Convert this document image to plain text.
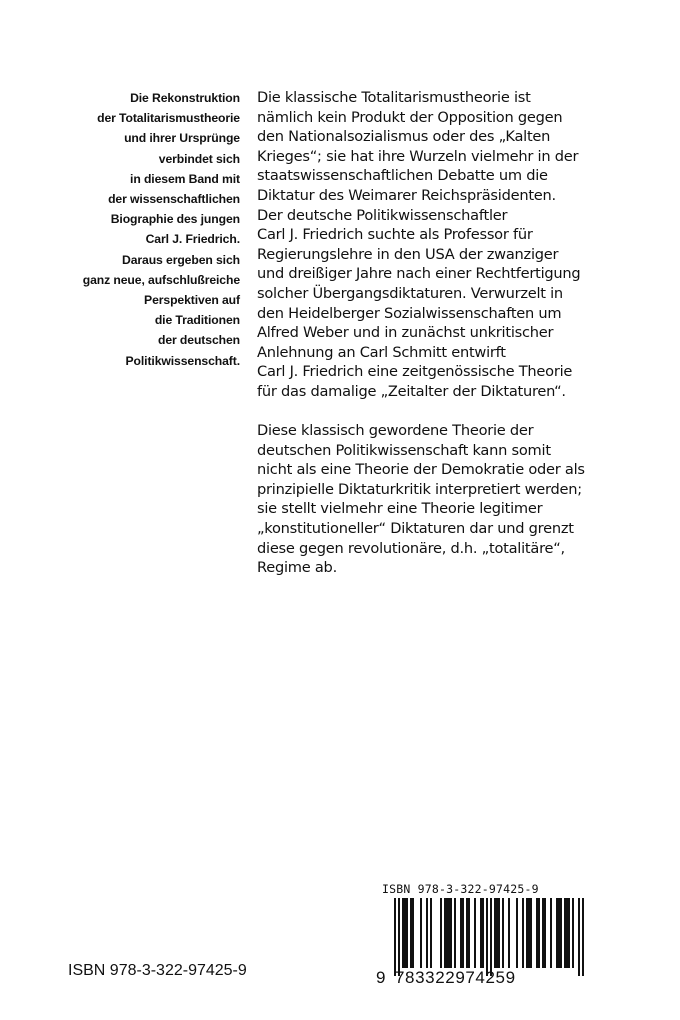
Die Rekonstruktion
der Totalitarismustheorie
und ihrer Ursprünge
verbindet sich
in diesem Band mit
der wissenschaftlichen
Biographie des jungen
Carl J. Friedrich.
Daraus ergeben sich
ganz neue, aufschlußreiche
Perspektiven auf
die Traditionen
der deutschen
Politikwissenschaft.
Die klassische Totalitarismustheorie ist
nämlich kein Produkt der Opposition gegen
den Nationalsozialismus oder des „Kalten
Krieges“; sie hat ihre Wurzeln vielmehr in der
staatswissenschaftlichen Debatte um die
Diktatur des Weimarer Reichspräsidenten.
Der deutsche Politikwissenschaftler
Carl J. Friedrich suchte als Professor für
Regierungslehre in den USA der zwanziger
und dreißiger Jahre nach einer Rechtfertigung
solcher Übergangsdiktaturen. Verwurzelt in
den Heidelberger Sozialwissenschaften um
Alfred Weber und in zunächst unkritischer
Anlehnung an Carl Schmitt entwirft
Carl J. Friedrich eine zeitgenössische Theorie
für das damalige „Zeitalter der Diktaturen“.
Diese klassisch gewordene Theorie der
deutschen Politikwissenschaft kann somit
nicht als eine Theorie der Demokratie oder als
prinzipielle Diktaturkritik interpretiert werden;
sie stellt vielmehr eine Theorie legitimer
„konstitutioneller“ Diktaturen dar und grenzt
diese gegen revolutionäre, d.h. „totalitäre“,
Regime ab.
ISBN 978-3-322-97425-9
ISBN 978-3-322-97425-9
9 783322974259
